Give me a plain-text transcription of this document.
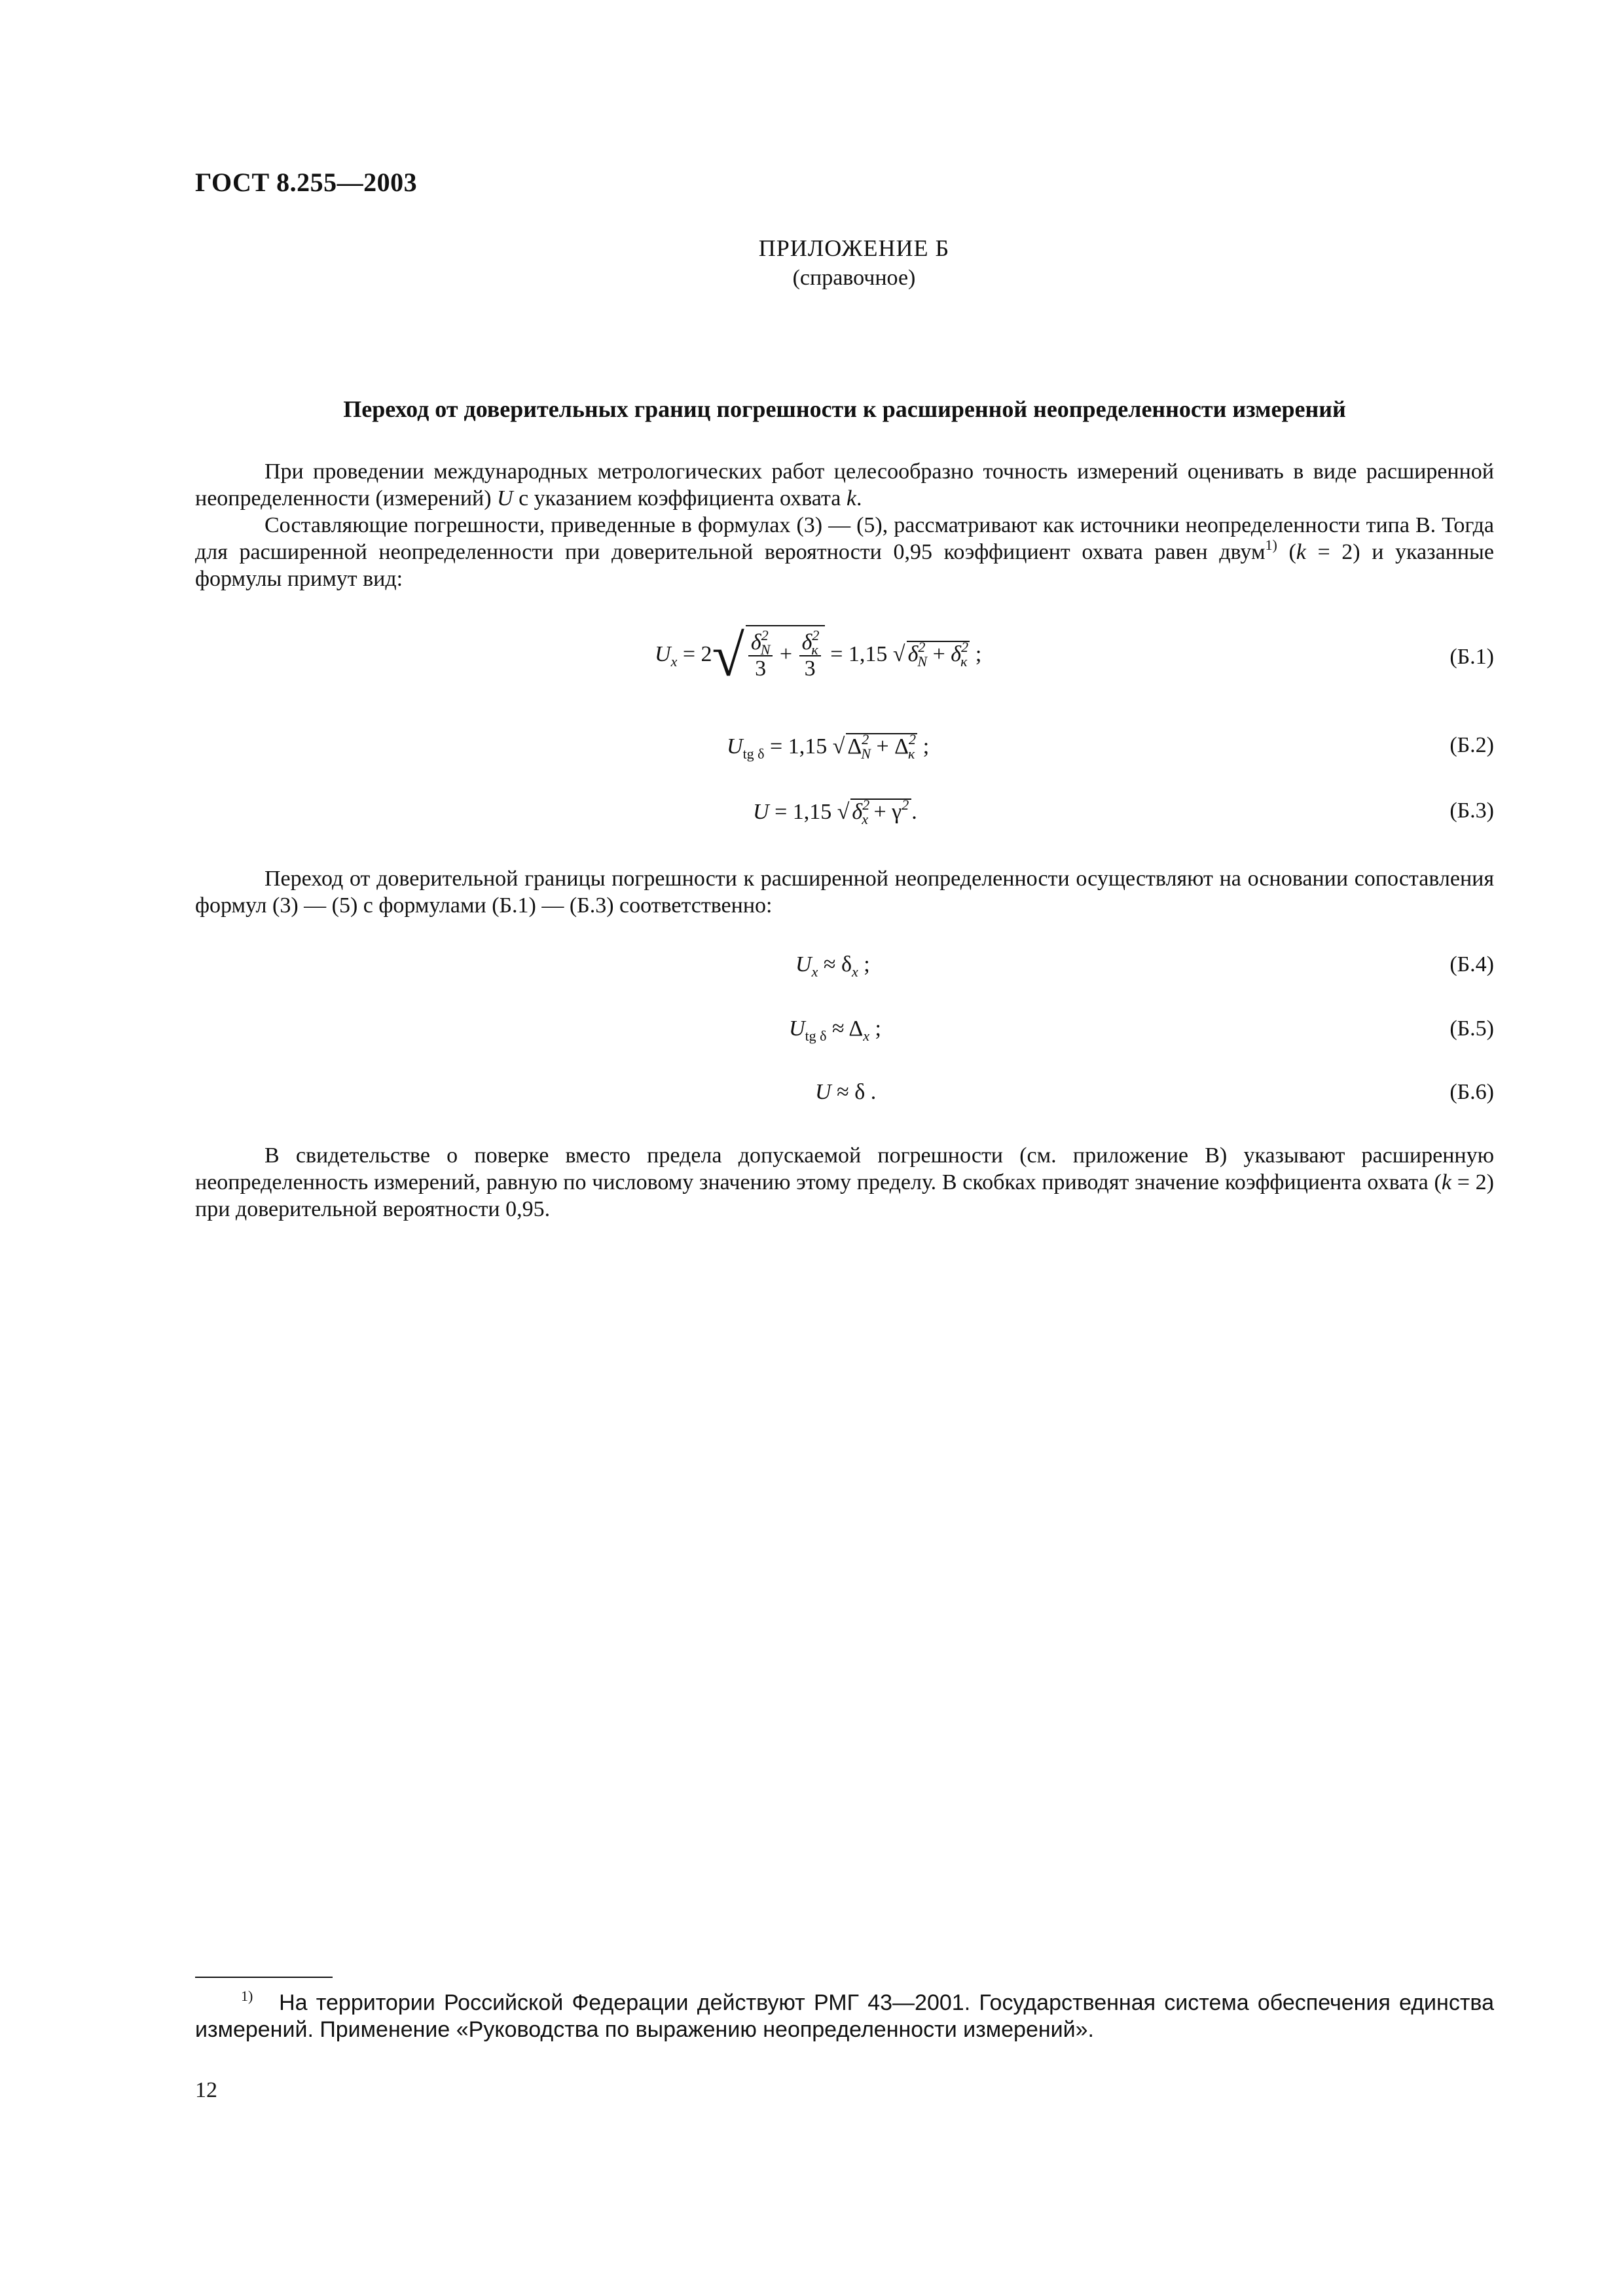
ГОСТ 8.255—2003
ПРИЛОЖЕНИЕ Б
(справочное)
Переход от доверительных границ погрешности к расширенной неопределенности измерений

При проведении международных метрологических работ целесообразно точность измерений оценивать в виде расширенной неопределенности (измерений) U с указанием коэффициента охвата k.

Составляющие погрешности, приведенные в формулах (3) — (5), рассматривают как источники неопределенности типа В. Тогда для расширенной неопределенности при доверительной вероятности 0,95 коэффициент охвата равен двум$^{1)}$ (k = 2) и указанные формулы примут вид:

$U_x = 2√ \frac{\delta^2_N}{3} + \frac{\delta^2_к}{3} = 1,15$ √ $\delta^2_N + \delta^2_к$ ;	(Б.1)
$U_{tg \delta} = 1,15$ √ $\Delta^2_N + \Delta^2_к$ ;	(Б.2)
U = 1,15 √ $\delta^2_x + \gamma^2$ .	(Б.3)

Переход от доверительной границы погрешности к расширенной неопределенности осуществляют на основании сопоставления формул (3) — (5) с формулами (Б.1) — (Б.3) соответственно:

$U_x \approx \delta_x$ ;	(Б.4)
$U_{tg \delta} \approx \Delta_x$ ;	(Б.5)
U ≈ δ .	(Б.6)

В свидетельстве о поверке вместо предела допускаемой погрешности (см. приложение В) указывают расширенную неопределенность измерений, равную по числовому значению этому пределу. В скобках приводят значение коэффициента охвата (k = 2) при доверительной вероятности 0,95.

$^{1)}$ На территории Российской Федерации действуют РМГ 43—2001. Государственная система обеспечения единства измерений. Применение «Руководства по выражению неопределенности измерений».

12
